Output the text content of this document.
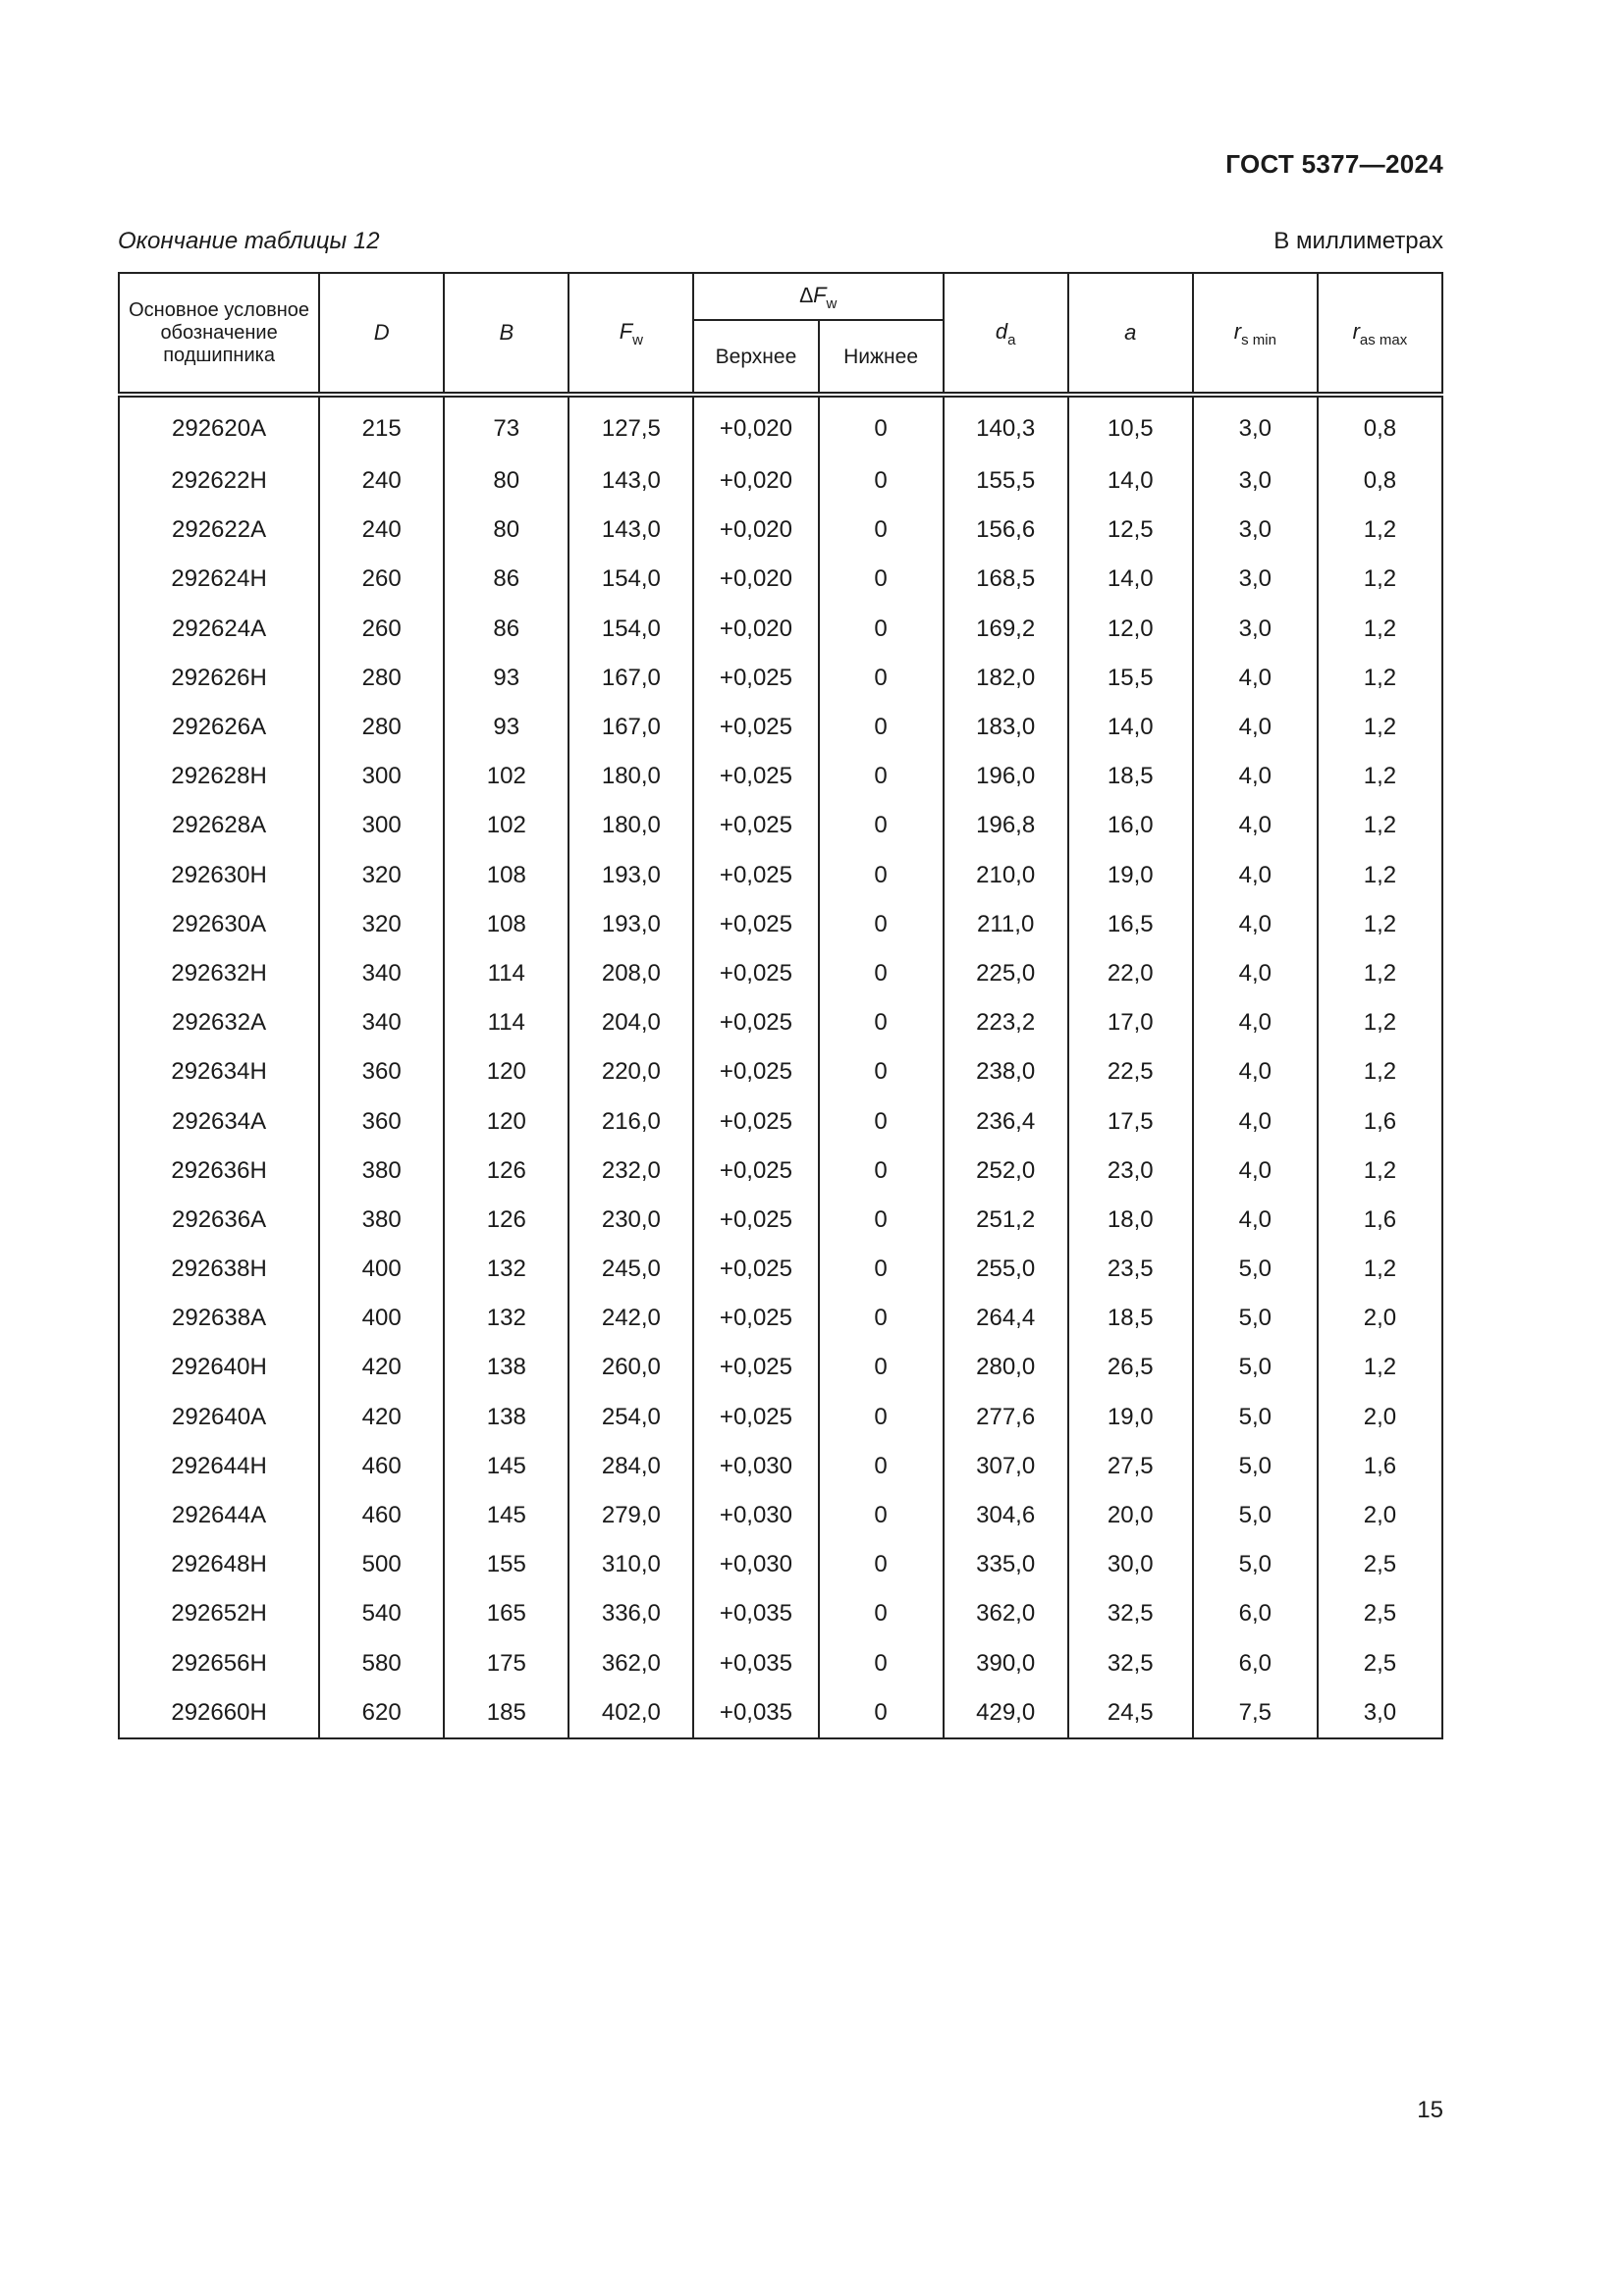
ГОСТ 5377—2024
Окончание таблицы 12	В миллиметрах
Основное условное обозначение подшипника	D	B	$F_w$	$\Delta F_w$		$d_a$	a	$r_{s min}$	$r_{as max}$
				Верхнее	Нижнее				
292620A	215	73	127,5	+0,020	0	140,3	10,5	3,0	0,8
292622H	240	80	143,0	+0,020	0	155,5	14,0	3,0	0,8
292622A	240	80	143,0	+0,020	0	156,6	12,5	3,0	1,2
292624H	260	86	154,0	+0,020	0	168,5	14,0	3,0	1,2
292624A	260	86	154,0	+0,020	0	169,2	12,0	3,0	1,2
292626H	280	93	167,0	+0,025	0	182,0	15,5	4,0	1,2
292626A	280	93	167,0	+0,025	0	183,0	14,0	4,0	1,2
292628H	300	102	180,0	+0,025	0	196,0	18,5	4,0	1,2
292628A	300	102	180,0	+0,025	0	196,8	16,0	4,0	1,2
292630H	320	108	193,0	+0,025	0	210,0	19,0	4,0	1,2
292630A	320	108	193,0	+0,025	0	211,0	16,5	4,0	1,2
292632H	340	114	208,0	+0,025	0	225,0	22,0	4,0	1,2
292632A	340	114	204,0	+0,025	0	223,2	17,0	4,0	1,2
292634H	360	120	220,0	+0,025	0	238,0	22,5	4,0	1,2
292634A	360	120	216,0	+0,025	0	236,4	17,5	4,0	1,6
292636H	380	126	232,0	+0,025	0	252,0	23,0	4,0	1,2
292636A	380	126	230,0	+0,025	0	251,2	18,0	4,0	1,6
292638H	400	132	245,0	+0,025	0	255,0	23,5	5,0	1,2
292638A	400	132	242,0	+0,025	0	264,4	18,5	5,0	2,0
292640H	420	138	260,0	+0,025	0	280,0	26,5	5,0	1,2
292640A	420	138	254,0	+0,025	0	277,6	19,0	5,0	2,0
292644H	460	145	284,0	+0,030	0	307,0	27,5	5,0	1,6
292644A	460	145	279,0	+0,030	0	304,6	20,0	5,0	2,0
292648H	500	155	310,0	+0,030	0	335,0	30,0	5,0	2,5
292652H	540	165	336,0	+0,035	0	362,0	32,5	6,0	2,5
292656H	580	175	362,0	+0,035	0	390,0	32,5	6,0	2,5
292660H	620	185	402,0	+0,035	0	429,0	24,5	7,5	3,0
15
